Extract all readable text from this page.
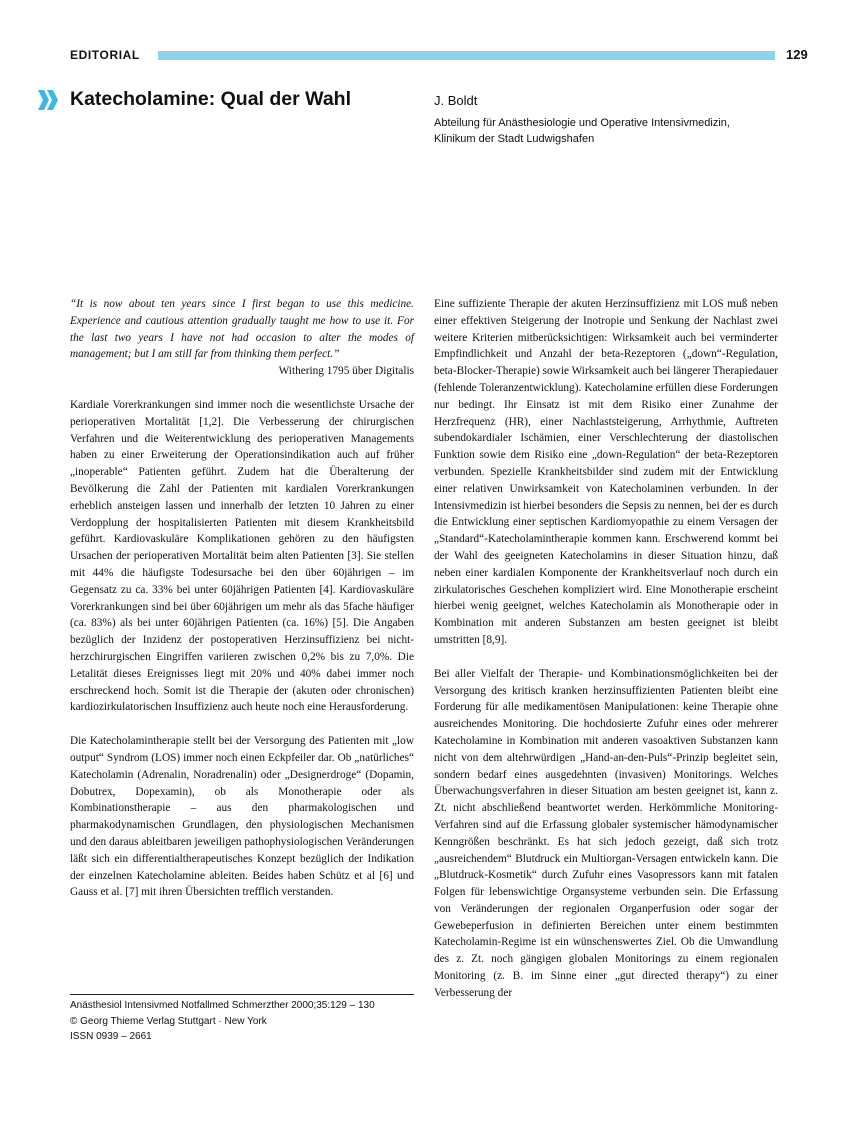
EDITORIAL	129
Katecholamine: Qual der Wahl	J. Boldt
Abteilung für Anästhesiologie und Operative Intensivmedizin,
Klinikum der Stadt Ludwigshafen

“It is now about ten years since I first began to use this medicine. Experience and cautious attention gradually taught me how to use it. For the last two years I have not had occasion to alter the modes of management; but I am still far from thinking them perfect.”

Withering 1795 über Digitalis

Kardiale Vorerkrankungen sind immer noch die wesentlichste Ursache der perioperativen Mortalität [1,2]. Die Verbesserung der chirurgischen Verfahren und die Weiterentwicklung des perioperativen Managements haben zu einer Erweiterung der Operationsindikation auch auf früher „inoperable“ Patienten geführt. Zudem hat die Überalterung der Bevölkerung die Zahl der Patienten mit kardialen Vorerkrankungen erheblich ansteigen lassen und innerhalb der letzten 10 Jahren zu einer Verdopplung der hospitalisierten Patienten mit diesem Krankheitsbild geführt. Kardiovaskuläre Komplikationen gehören zu den häufigsten Ursachen der perioperativen Mortalität beim alten Patienten [3]. Sie stellen mit 44% die häufigste Todesursache bei den über 60jährigen – im Gegensatz zu ca. 33% bei unter 60jährigen Patienten [4]. Kardiovaskuläre Vorerkrankungen sind bei über 60jährigen um mehr als das 5fache häufiger (ca. 83%) als bei unter 60jährigen Patienten (ca. 16%) [5]. Die Angaben bezüglich der Inzidenz der postoperativen Herzinsuffizienz bei nicht-herzchirurgischen Eingriffen variieren zwischen 0,2% bis zu 7,0%. Die Letalität dieses Ereignisses liegt mit 20% und 40% dabei immer noch erschreckend hoch. Somit ist die Therapie der (akuten oder chronischen) kardiozirkulatorischen Insuffizienz auch heute noch eine Herausforderung.

Die Katecholamintherapie stellt bei der Versorgung des Patienten mit „low output“ Syndrom (LOS) immer noch einen Eckpfeiler dar. Ob „natürliches“ Katecholamin (Adrenalin, Noradrenalin) oder „Designerdroge“ (Dopamin, Dobutrex, Dopexamin), ob als Monotherapie oder als Kombinationstherapie – aus den pharmakologischen und pharmakodynamischen Grundlagen, den physiologischen Mechanismen und den daraus ableitbaren jeweiligen pathophysiologischen Veränderungen läßt sich ein differentialtherapeutisches Konzept bezüglich der Indikation der einzelnen Katecholamine ableiten. Beides haben Schütz et al [6] und Gauss et al. [7] mit ihren Übersichten trefflich verstanden.

Eine suffiziente Therapie der akuten Herzinsuffizienz mit LOS muß neben einer effektiven Steigerung der Inotropie und Senkung der Nachlast zwei weitere Kriterien mitberücksichtigen: Wirksamkeit auch bei verminderter Empfindlichkeit und Anzahl der beta-Rezeptoren („down“-Regulation, beta-Blocker-Therapie) sowie Wirksamkeit auch bei längerer Therapiedauer (fehlende Toleranzentwicklung). Katecholamine erfüllen diese Forderungen nur bedingt. Ihr Einsatz ist mit dem Risiko einer Zunahme der Herzfrequenz (HR), einer Nachlaststeigerung, Arrhythmie, Auftreten subendokardialer Ischämien, einer Verschlechterung der diastolischen Funktion sowie dem Risiko eine „down-Regulation“ der beta-Rezeptoren verbunden. Spezielle Krankheitsbilder sind zudem mit der Entwicklung einer relativen Unwirksamkeit von Katecholaminen verbunden. In der Intensivmedizin ist hierbei besonders die Sepsis zu nennen, bei der es durch die Entwicklung einer septischen Kardiomyopathie zu einem Versagen der „Standard“-Katecholamintherapie kommen kann. Erschwerend kommt bei der Wahl des geeigneten Katecholamins in dieser Situation hinzu, daß neben einer kardialen Komponente der Krankheitsverlauf noch durch ein zirkulatorisches Geschehen kompliziert wird. Eine Monotherapie erscheint hierbei wenig geeignet, welches Katecholamin als Monotherapie oder in Kombination mit anderen Substanzen am besten geeignet ist bleibt umstritten [8,9].

Bei aller Vielfalt der Therapie- und Kombinationsmöglichkeiten bei der Versorgung des kritisch kranken herzinsuffizienten Patienten bleibt eine Forderung für alle medikamentösen Manipulationen: keine Therapie ohne ausreichendes Monitoring. Die hochdosierte Zufuhr eines oder mehrerer Katecholamine in Kombination mit anderen vasoaktiven Substanzen kann nicht von dem altehrwürdigen „Hand-an-den-Puls“-Prinzip begleitet sein, sondern bedarf eines ausgedehnten (invasiven) Monitorings. Welches Überwachungsverfahren in dieser Situation am besten geeignet ist, kann z. Zt. nicht abschließend beantwortet werden. Herkömmliche Monitoring-Verfahren sind auf die Erfassung globaler systemischer hämodynamischer Kenngrößen beschränkt. Es hat sich jedoch gezeigt, daß sich trotz „ausreichendem“ Blutdruck ein Multiorgan-Versagen entwickeln kann. Die „Blutdruck-Kosmetik“ durch Zufuhr eines Vasopressors kann mit fatalen Folgen für lebenswichtige Organsysteme verbunden sein. Die Erfassung von Veränderungen der regionalen Organperfusion oder sogar der Gewebeperfusion in definierten Bereichen unter einem bestimmten Katecholamin-Regime ist ein wünschenswertes Ziel. Ob die Umwandlung des z. Zt. noch gängigen globalen Monitorings zu einem regionalen Monitoring (z. B. im Sinne einer „gut directed therapy“) zu einer Verbesserung der

Anästhesiol Intensivmed Notfallmed Schmerzther 2000;35:129 – 130
© Georg Thieme Verlag Stuttgart · New York
ISSN 0939 – 2661
